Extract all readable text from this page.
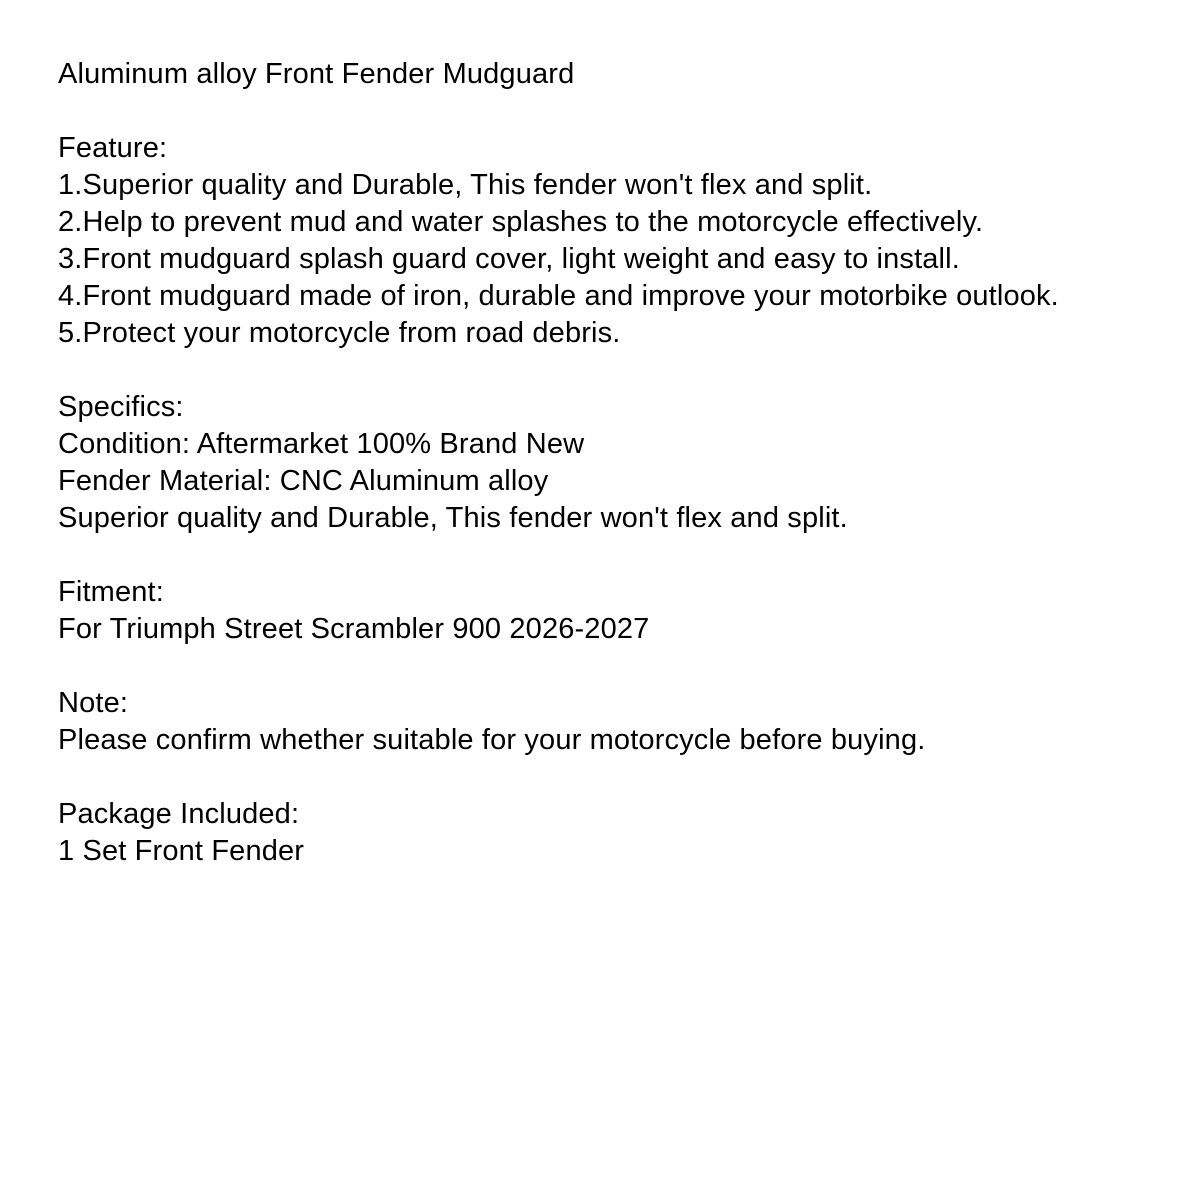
Aluminum alloy Front Fender Mudguard
Feature:
1.Superior quality and Durable, This fender won't flex and split.
2.Help to prevent mud and water splashes to the motorcycle effectively.
3.Front mudguard splash guard cover, light weight and easy to install.
4.Front mudguard made of iron, durable and improve your motorbike outlook.
5.Protect your motorcycle from road debris.
Specifics:
Condition: Aftermarket 100% Brand New
Fender Material: CNC Aluminum alloy
Superior quality and Durable, This fender won't flex and split.
Fitment:
For Triumph Street Scrambler 900 2026-2027
Note:
Please confirm whether suitable for your motorcycle before buying.
Package Included:
1 Set Front Fender
